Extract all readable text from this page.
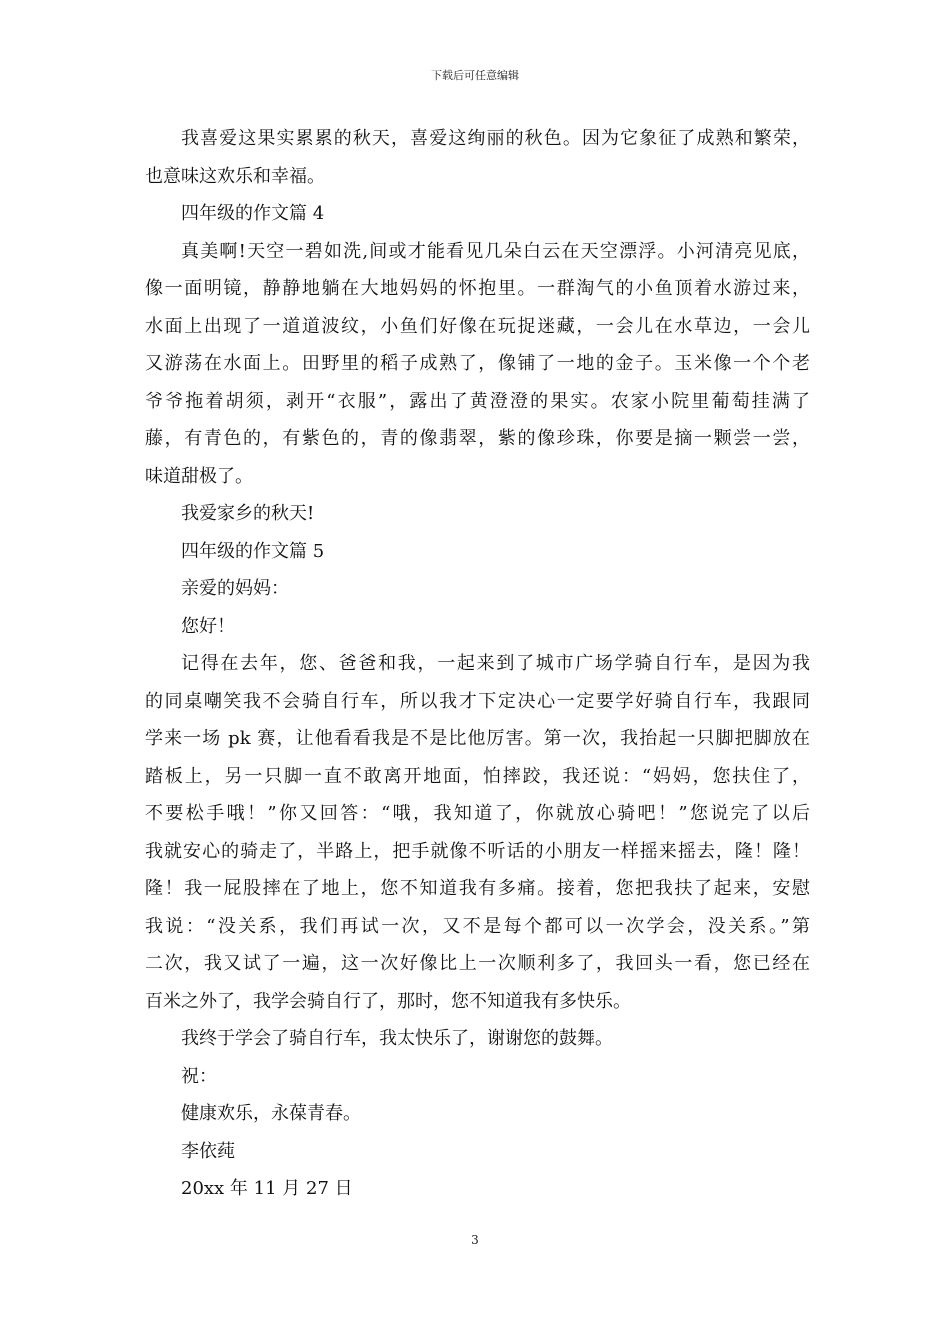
下载后可任意编辑
我喜爱这果实累累的秋天，喜爱这绚丽的秋色。因为它象征了成熟和繁荣，
也意味这欢乐和幸福。
四年级的作文篇 4
真美啊!天空一碧如洗,间或才能看见几朵白云在天空漂浮。小河清亮见底，
像一面明镜，静静地躺在大地妈妈的怀抱里。一群淘气的小鱼顶着水游过来，
水面上出现了一道道波纹，小鱼们好像在玩捉迷藏，一会儿在水草边，一会儿
又游荡在水面上。田野里的稻子成熟了，像铺了一地的金子。玉米像一个个老
爷爷拖着胡须，剥开“衣服”，露出了黄澄澄的果实。农家小院里葡萄挂满了
藤，有青色的，有紫色的，青的像翡翠，紫的像珍珠，你要是摘一颗尝一尝，
味道甜极了。
我爱家乡的秋天!
四年级的作文篇 5
亲爱的妈妈：
您好！
记得在去年，您、爸爸和我，一起来到了城市广场学骑自行车，是因为我
的同桌嘲笑我不会骑自行车，所以我才下定决心一定要学好骑自行车，我跟同
学来一场 pk 赛，让他看看我是不是比他厉害。第一次，我抬起一只脚把脚放在
踏板上，另一只脚一直不敢离开地面，怕摔跤，我还说：“妈妈，您扶住了，
不要松手哦！”你又回答：“哦，我知道了，你就放心骑吧！”您说完了以后
我就安心的骑走了，半路上，把手就像不听话的小朋友一样摇来摇去，隆！隆！
隆！我一屁股摔在了地上，您不知道我有多痛。接着，您把我扶了起来，安慰
我说：“没关系，我们再试一次，又不是每个都可以一次学会，没关系。”第
二次，我又试了一遍，这一次好像比上一次顺利多了，我回头一看，您已经在
百米之外了，我学会骑自行了，那时，您不知道我有多快乐。
我终于学会了骑自行车，我太快乐了，谢谢您的鼓舞。
祝：
健康欢乐，永葆青春。
李依莼
20xx 年 11 月 27 日
3
